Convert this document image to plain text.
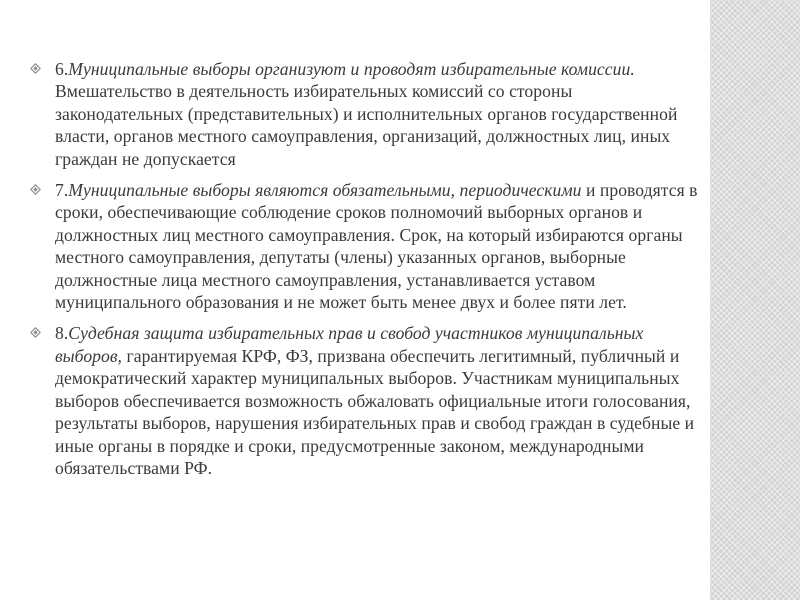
6.Муниципальные выборы организуют и проводят избирательные комиссии. Вмешательство в деятельность избирательных комиссий со стороны законодательных (представительных) и исполнительных органов государственной власти, органов местного самоуправления, организаций, должностных лиц, иных граждан не допускается

7.Муниципальные выборы являются обязательными, периодическими и проводятся в сроки, обеспечивающие соблюдение сроков полномочий выборных органов и должностных лиц местного самоуправления. Срок, на который избираются органы местного самоуправления, депутаты (члены) указанных органов, выборные должностные лица местного самоуправления, устанавливается уставом муниципального образования и не может быть менее двух и более пяти лет.

8.Судебная защита избирательных прав и свобод участников муниципальных выборов, гарантируемая КРФ, ФЗ, призвана обеспечить легитимный, публичный и демократический характер муниципальных выборов. Участникам муниципальных выборов обеспечивается возможность обжаловать официальные итоги голосования, результаты выборов, нарушения избирательных прав и свобод граждан в судебные и иные органы в порядке и сроки, предусмотренные законом, международными обязательствами РФ.
